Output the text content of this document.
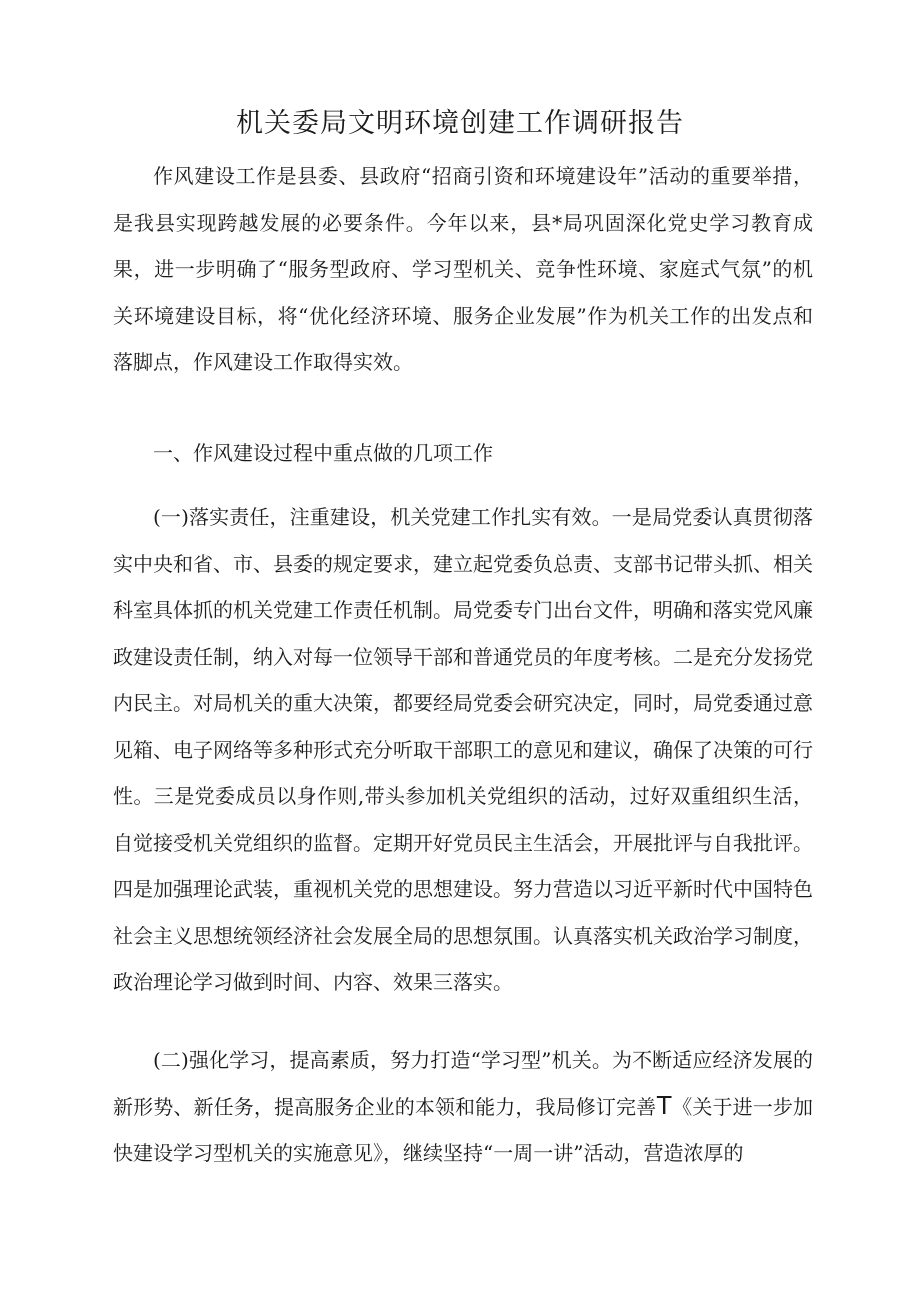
机关委局文明环境创建工作调研报告

作风建设工作是县委、县政府“招商引资和环境建设年”活动的重要举措，是我县实现跨越发展的必要条件。今年以来，县*局巩固深化党史学习教育成果，进一步明确了“服务型政府、学习型机关、竞争性环境、家庭式气氛”的机关环境建设目标，将“优化经济环境、服务企业发展”作为机关工作的出发点和落脚点，作风建设工作取得实效。

一、作风建设过程中重点做的几项工作

(一)落实责任，注重建设，机关党建工作扎实有效。一是局党委认真贯彻落实中央和省、市、县委的规定要求，建立起党委负总责、支部书记带头抓、相关科室具体抓的机关党建工作责任机制。局党委专门出台文件，明确和落实党风廉政建设责任制，纳入对每一位领导干部和普通党员的年度考核。二是充分发扬党内民主。对局机关的重大决策，都要经局党委会研究决定，同时，局党委通过意见箱、电子网络等多种形式充分听取干部职工的意见和建议，确保了决策的可行性。三是党委成员以身作则,带头参加机关党组织的活动，过好双重组织生活，自觉接受机关党组织的监督。定期开好党员民主生活会，开展批评与自我批评。四是加强理论武装，重视机关党的思想建设。努力营造以习近平新时代中国特色社会主义思想统领经济社会发展全局的思想氛围。认真落实机关政治学习制度，政治理论学习做到时间、内容、效果三落实。

(二)强化学习，提高素质，努力打造“学习型”机关。为不断适应经济发展的新形势、新任务，提高服务企业的本领和能力，我局修订完善T《关于进一步加快建设学习型机关的实施意见》，继续坚持“一周一讲”活动，营造浓厚的
